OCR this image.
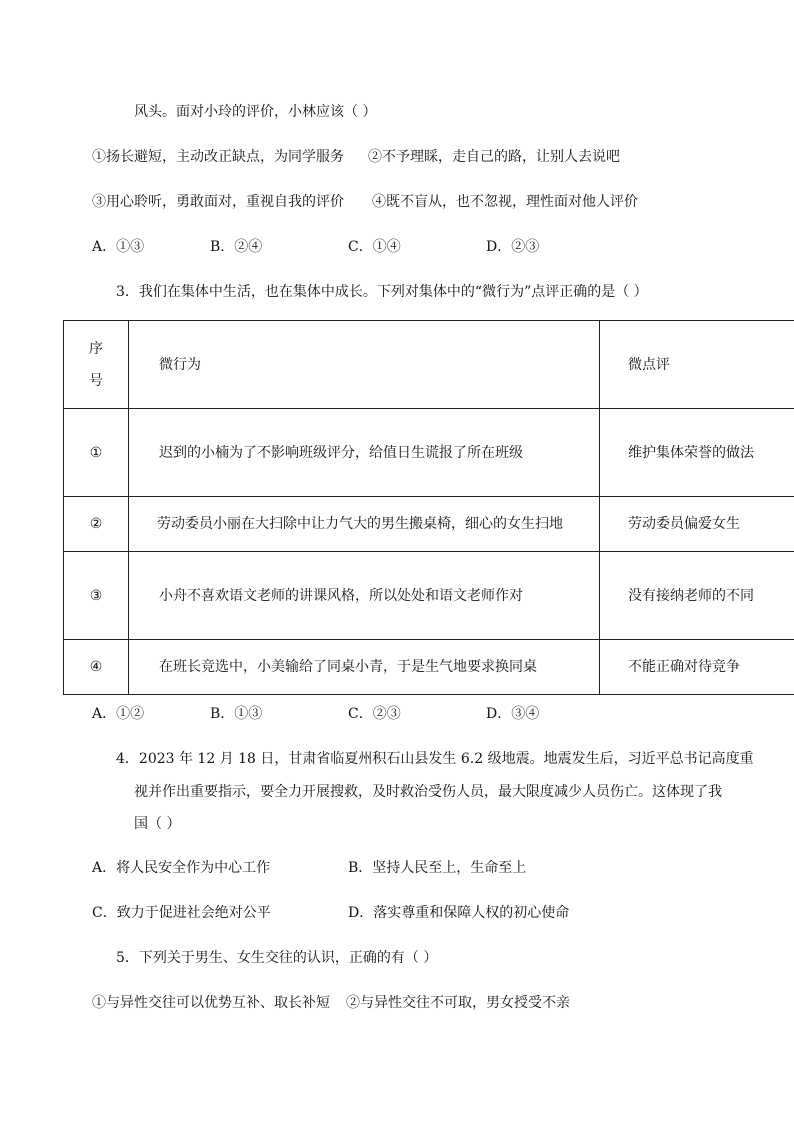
风头。面对小玲的评价，小林应该（ ）
①扬长避短，主动改正缺点，为同学服务 ②不予理睬，走自己的路，让别人去说吧
③用心聆听，勇敢面对，重视自我的评价 ④既不盲从，也不忽视，理性面对他人评价
A．①③	B．②④	C．①④	D．②③
3．我们在集体中生活，也在集体中成长。下列对集体中的“微行为”点评正确的是（ ）
序号	微行为	微点评
①	迟到的小楠为了不影响班级评分，给值日生谎报了所在班级	维护集体荣誉的做法
②	劳动委员小丽在大扫除中让力气大的男生搬桌椅，细心的女生扫地	劳动委员偏爱女生
③	小舟不喜欢语文老师的讲课风格，所以处处和语文老师作对	没有接纳老师的不同
④	在班长竞选中，小美输给了同桌小青，于是生气地要求换同桌	不能正确对待竞争
A．①②	B．①③	C．②③	D．③④
4．2023 年 12 月 18 日，甘肃省临夏州积石山县发生 6.2 级地震。地震发生后，习近平总书记高度重
视并作出重要指示，要全力开展搜救，及时救治受伤人员，最大限度减少人员伤亡。这体现了我
国（ ）
A．将人民安全作为中心工作	B．坚持人民至上，生命至上
C．致力于促进社会绝对公平	D．落实尊重和保障人权的初心使命
5．下列关于男生、女生交往的认识，正确的有（ ）
①与异性交往可以优势互补、取长补短 ②与异性交往不可取，男女授受不亲
